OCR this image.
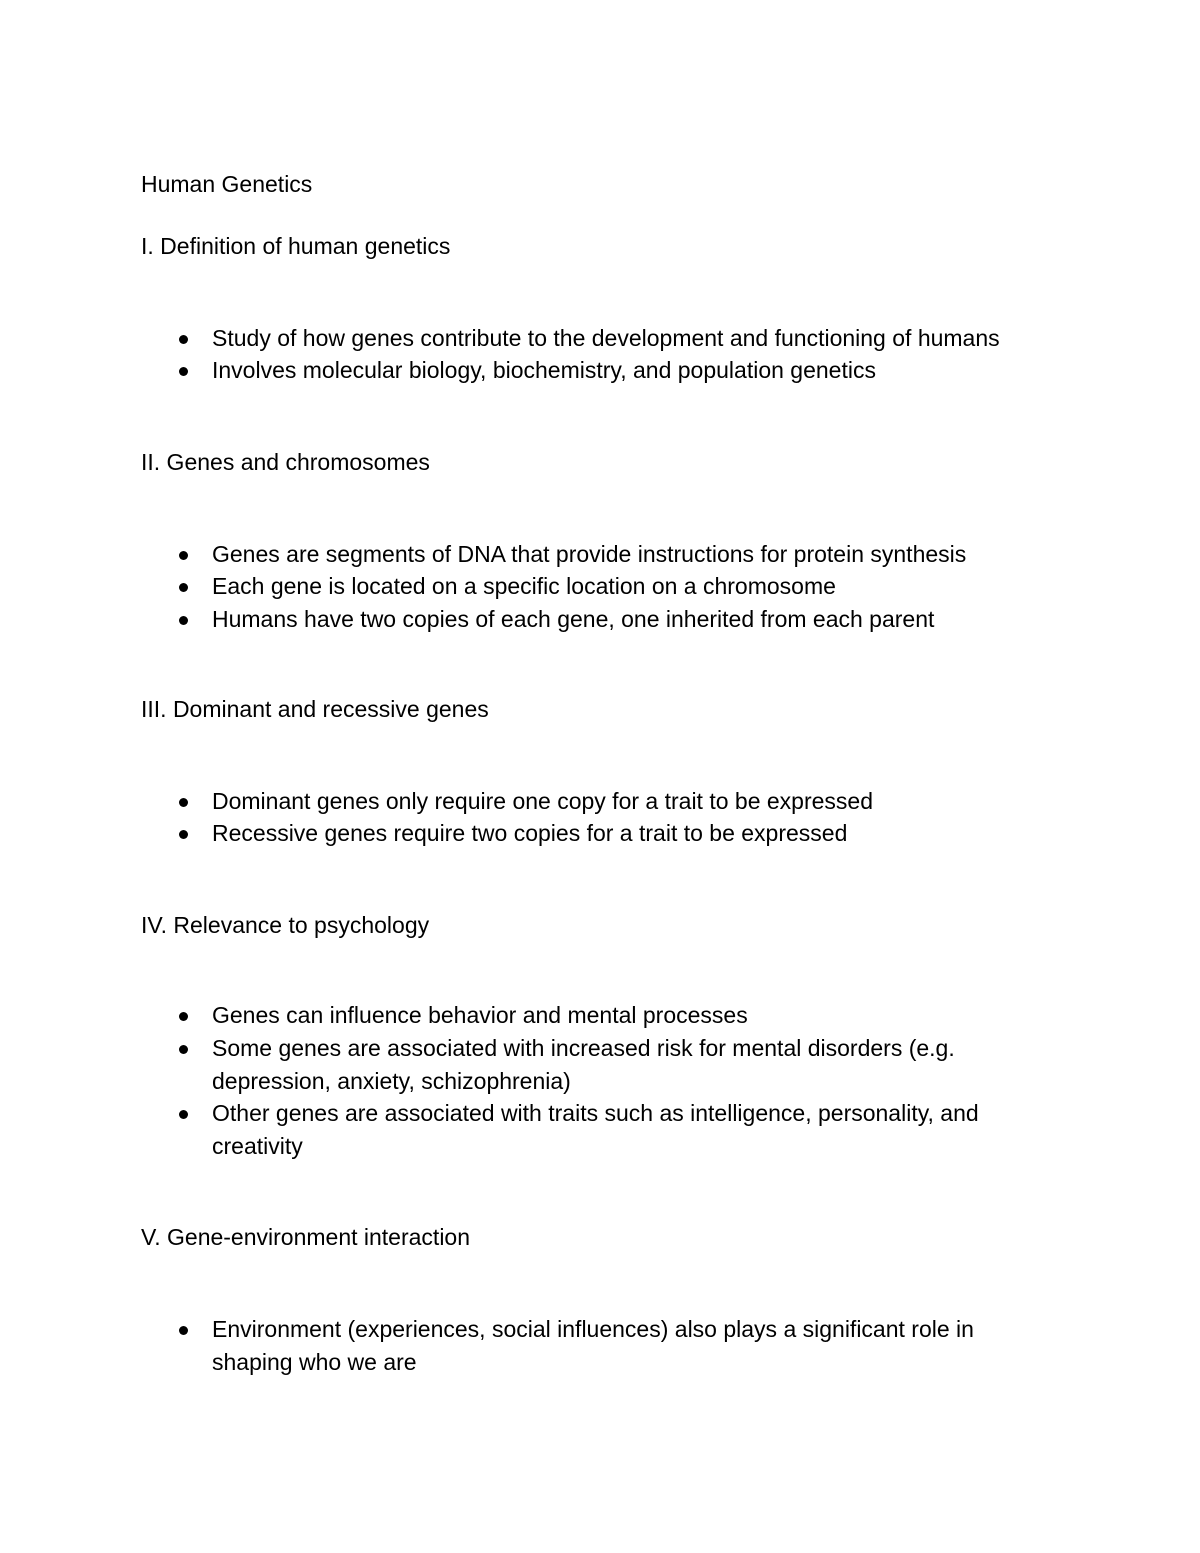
Human Genetics
I. Definition of human genetics
Study of how genes contribute to the development and functioning of humans
Involves molecular biology, biochemistry, and population genetics
II. Genes and chromosomes
Genes are segments of DNA that provide instructions for protein synthesis
Each gene is located on a specific location on a chromosome
Humans have two copies of each gene, one inherited from each parent
III. Dominant and recessive genes
Dominant genes only require one copy for a trait to be expressed
Recessive genes require two copies for a trait to be expressed
IV. Relevance to psychology
Genes can influence behavior and mental processes
Some genes are associated with increased risk for mental disorders (e.g. depression, anxiety, schizophrenia)
Other genes are associated with traits such as intelligence, personality, and creativity
V. Gene-environment interaction
Environment (experiences, social influences) also plays a significant role in shaping who we are
